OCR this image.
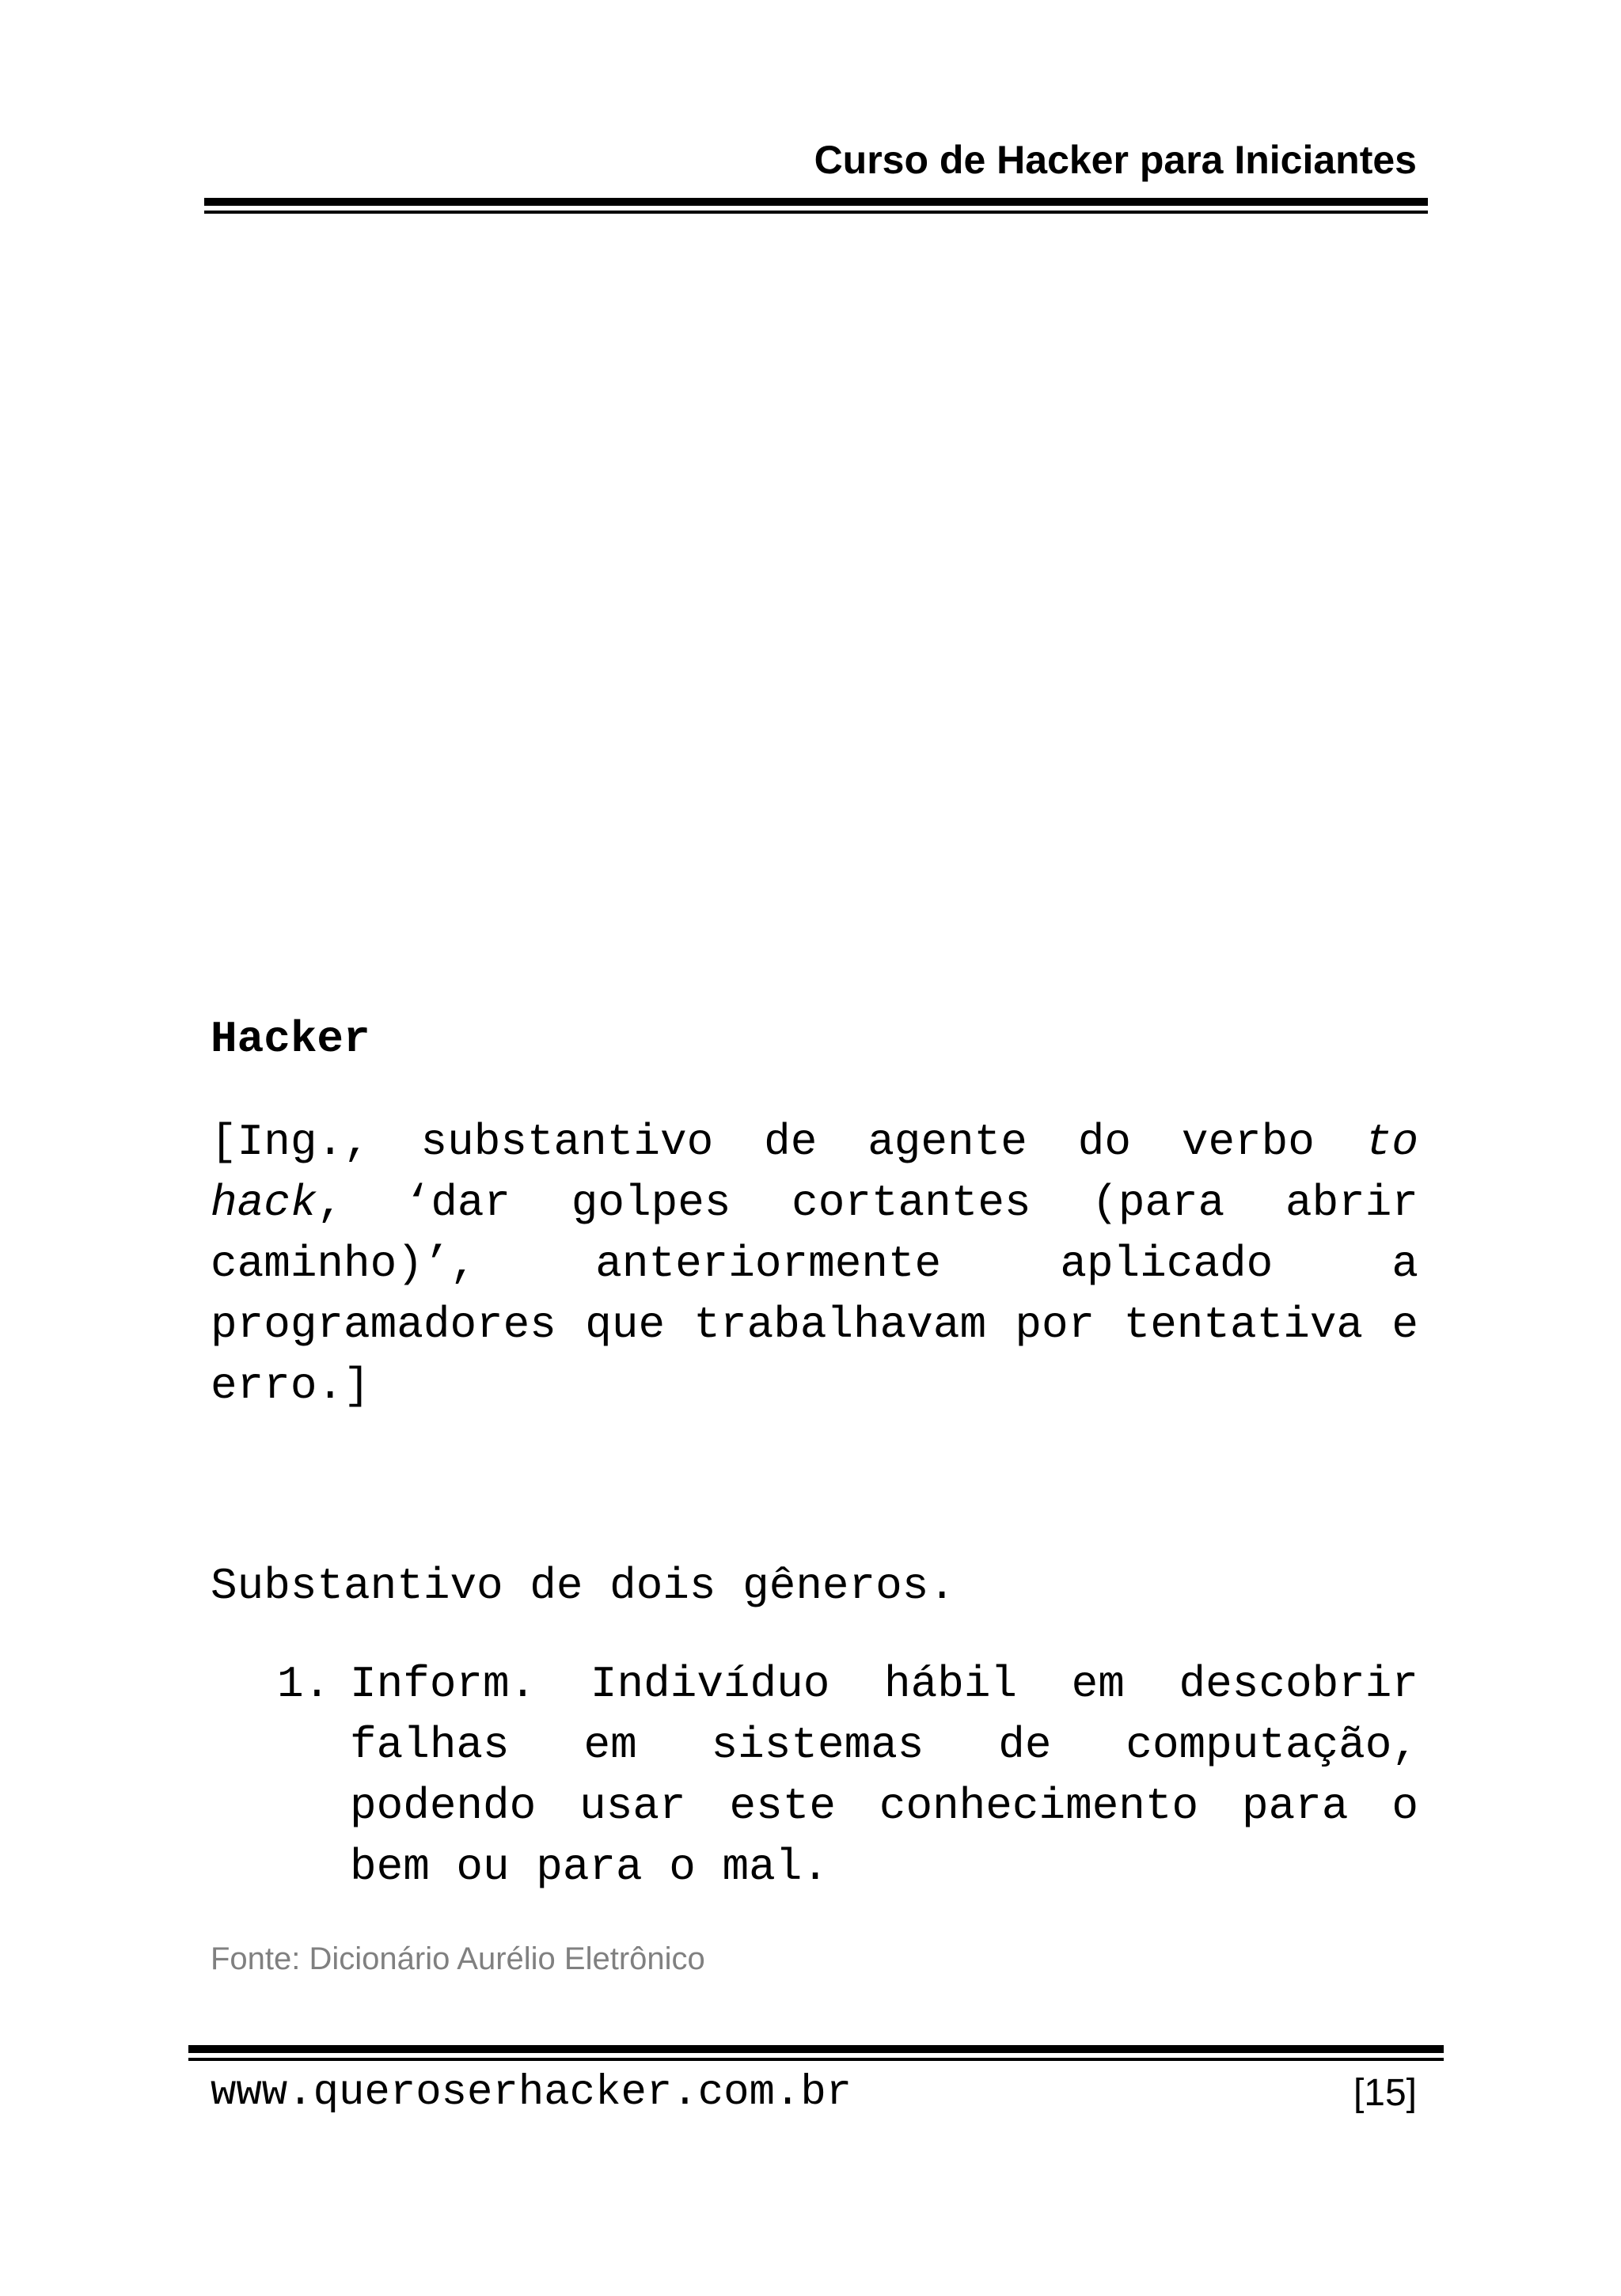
Curso de Hacker para Iniciantes
Hacker
[Ing., substantivo de agente do verbo to hack, ‘dar golpes cortantes (para abrir caminho)’, anteriormente aplicado a programadores que trabalhavam por tentativa e erro.]
Substantivo de dois gêneros.
1. Inform. Indivíduo hábil em descobrir falhas em sistemas de computação, podendo usar este conhecimento para o bem ou para o mal.
Fonte: Dicionário Aurélio Eletrônico
www.queroserhacker.com.br	[15]
